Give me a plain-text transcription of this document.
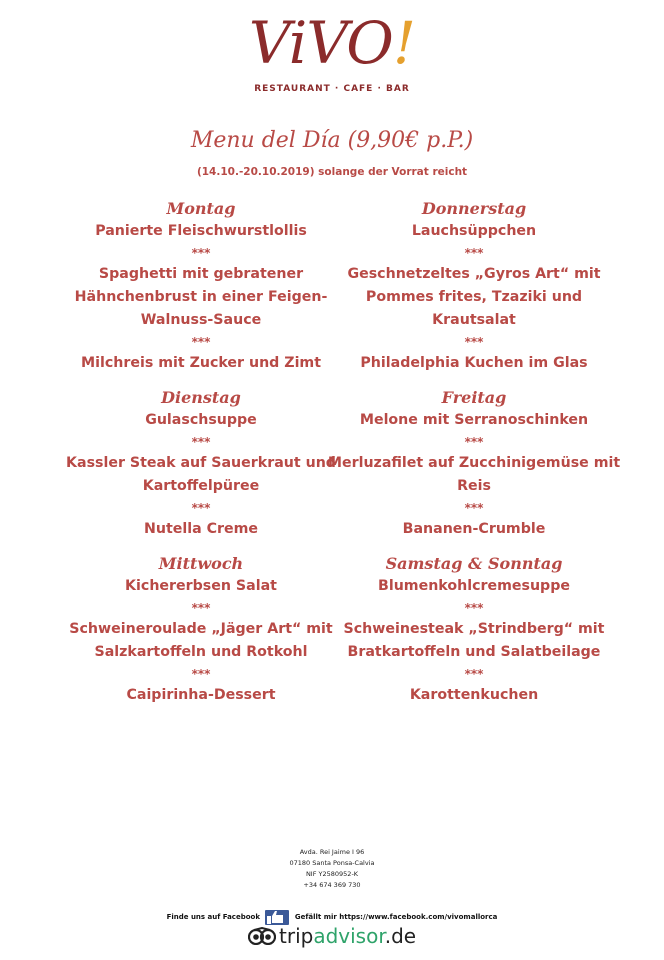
ViVO!
RESTAURANT · CAFE · BAR
Menu del Día (9,90€ p.P.)
(14.10.-20.10.2019) solange der Vorrat reicht

Montag

Panierte Fleischwurstlollis

***

Spaghetti mit gebratener Hähnchenbrust in einer Feigen-Walnuss-Sauce

***

Milchreis mit Zucker und Zimt

Dienstag

Gulaschsuppe

***

Kassler Steak auf Sauerkraut und Kartoffelpüree

***

Nutella Creme

Mittwoch

Kichererbsen Salat

***

Schweineroulade „Jäger Art“ mit Salzkartoffeln und Rotkohl

***

Caipirinha-Dessert

Donnerstag

Lauchsüppchen

***

Geschnetzeltes „Gyros Art“ mit Pommes frites, Tzaziki und Krautsalat

***

Philadelphia Kuchen im Glas

Freitag

Melone mit Serranoschinken

***

Merluzafilet auf Zucchinigemüse mit Reis

***

Bananen-Crumble

Samstag & Sonntag

Blumenkohlcremesuppe

***

Schweinesteak „Strindberg“ mit Bratkartoffeln und Salatbeilage

***

Karottenkuchen

Avda. Rei Jaime I 96
07180 Santa Ponsa-Calvia
NIF Y2580952-K
+34 674 369 730
Finde uns auf Facebook	Gefällt mir https://www.facebook.com/vivomallorca
tripadvisor.de
